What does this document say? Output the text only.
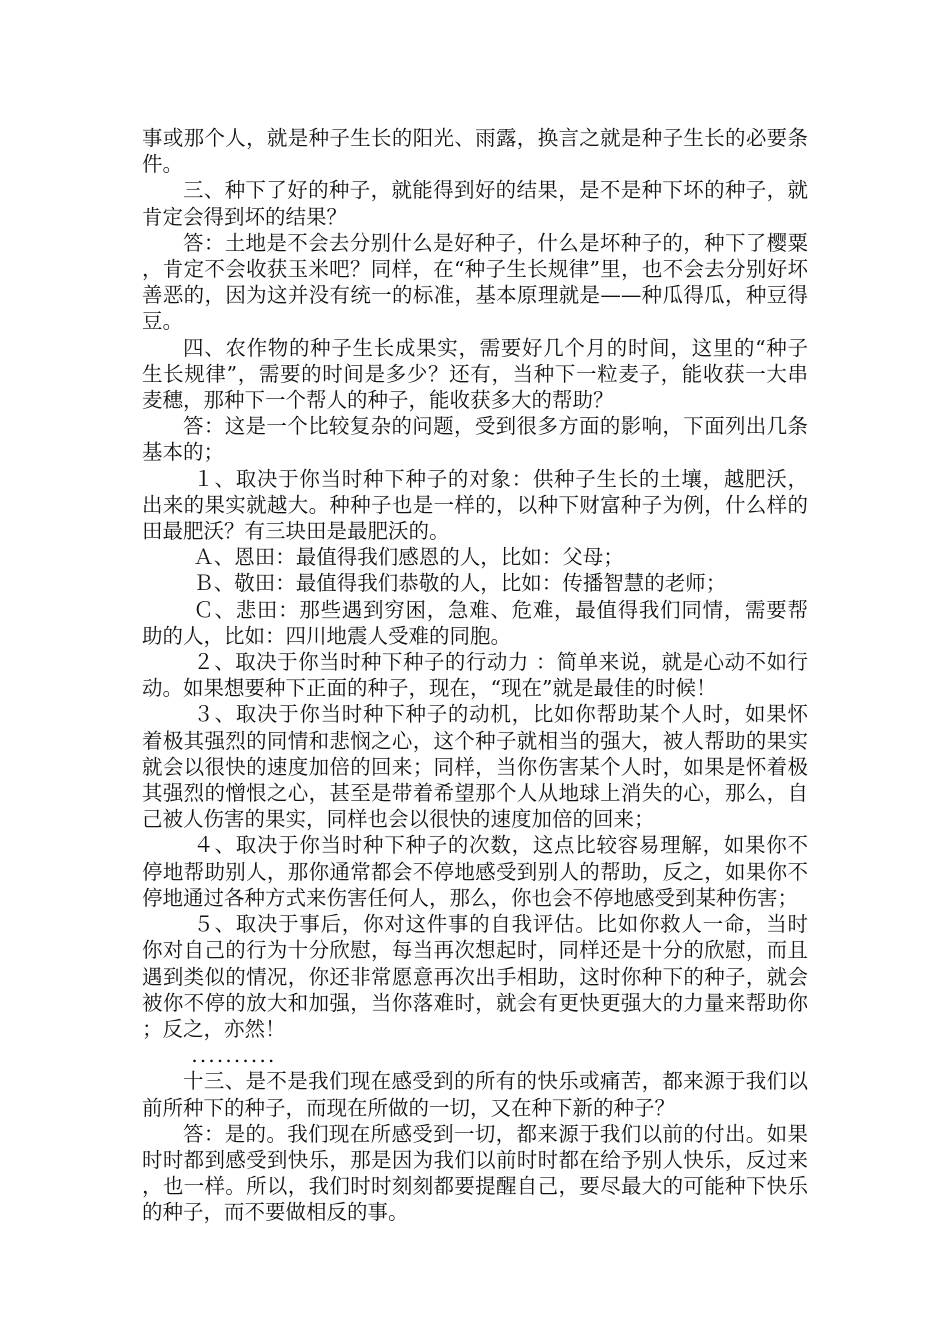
事或那个人，就是种子生长的阳光、雨露，换言之就是种子生长的必要条件。

三、种下了好的种子，就能得到好的结果，是不是种下坏的种子，就肯定会得到坏的结果？

答：土地是不会去分别什么是好种子，什么是坏种子的，种下了樱粟，肯定不会收获玉米吧？同样，在“种子生长规律”里，也不会去分别好坏善恶的，因为这并没有统一的标准，基本原理就是——种瓜得瓜，种豆得豆。

四、农作物的种子生长成果实，需要好几个月的时间，这里的“种子生长规律”，需要的时间是多少？还有，当种下一粒麦子，能收获一大串麦穗，那种下一个帮人的种子，能收获多大的帮助？

答：这是一个比较复杂的问题，受到很多方面的影响，下面列出几条基本的；

１、取决于你当时种下种子的对象：供种子生长的土壤，越肥沃，出来的果实就越大。种种子也是一样的，以种下财富种子为例，什么样的田最肥沃？有三块田是最肥沃的。

Ａ、恩田：最值得我们感恩的人，比如：父母；

Ｂ、敬田：最值得我们恭敬的人，比如：传播智慧的老师；

Ｃ、悲田：那些遇到穷困，急难、危难，最值得我们同情，需要帮助的人，比如：四川地震人受难的同胞。

２、取决于你当时种下种子的行动力 ：简单来说，就是心动不如行动。如果想要种下正面的种子，现在，“现在”就是最佳的时候！

３、取决于你当时种下种子的动机，比如你帮助某个人时，如果怀着极其强烈的同情和悲悯之心，这个种子就相当的强大，被人帮助的果实就会以很快的速度加倍的回来；同样，当你伤害某个人时，如果是怀着极其强烈的憎恨之心，甚至是带着希望那个人从地球上消失的心，那么，自己被人伤害的果实，同样也会以很快的速度加倍的回来；

４、取决于你当时种下种子的次数，这点比较容易理解，如果你不停地帮助别人，那你通常都会不停地感受到别人的帮助，反之，如果你不停地通过各种方式来伤害任何人，那么，你也会不停地感受到某种伤害；

５、取决于事后，你对这件事的自我评估。比如你救人一命，当时你对自己的行为十分欣慰，每当再次想起时，同样还是十分的欣慰，而且遇到类似的情况，你还非常愿意再次出手相助，这时你种下的种子，就会被你不停的放大和加强，当你落难时，就会有更快更强大的力量来帮助你；反之，亦然！

..........

十三、是不是我们现在感受到的所有的快乐或痛苦，都来源于我们以前所种下的种子，而现在所做的一切，又在种下新的种子？

答：是的。我们现在所感受到一切，都来源于我们以前的付出。如果时时都到感受到快乐，那是因为我们以前时时都在给予别人快乐，反过来，也一样。所以，我们时时刻刻都要提醒自己，要尽最大的可能种下快乐的种子，而不要做相反的事。
